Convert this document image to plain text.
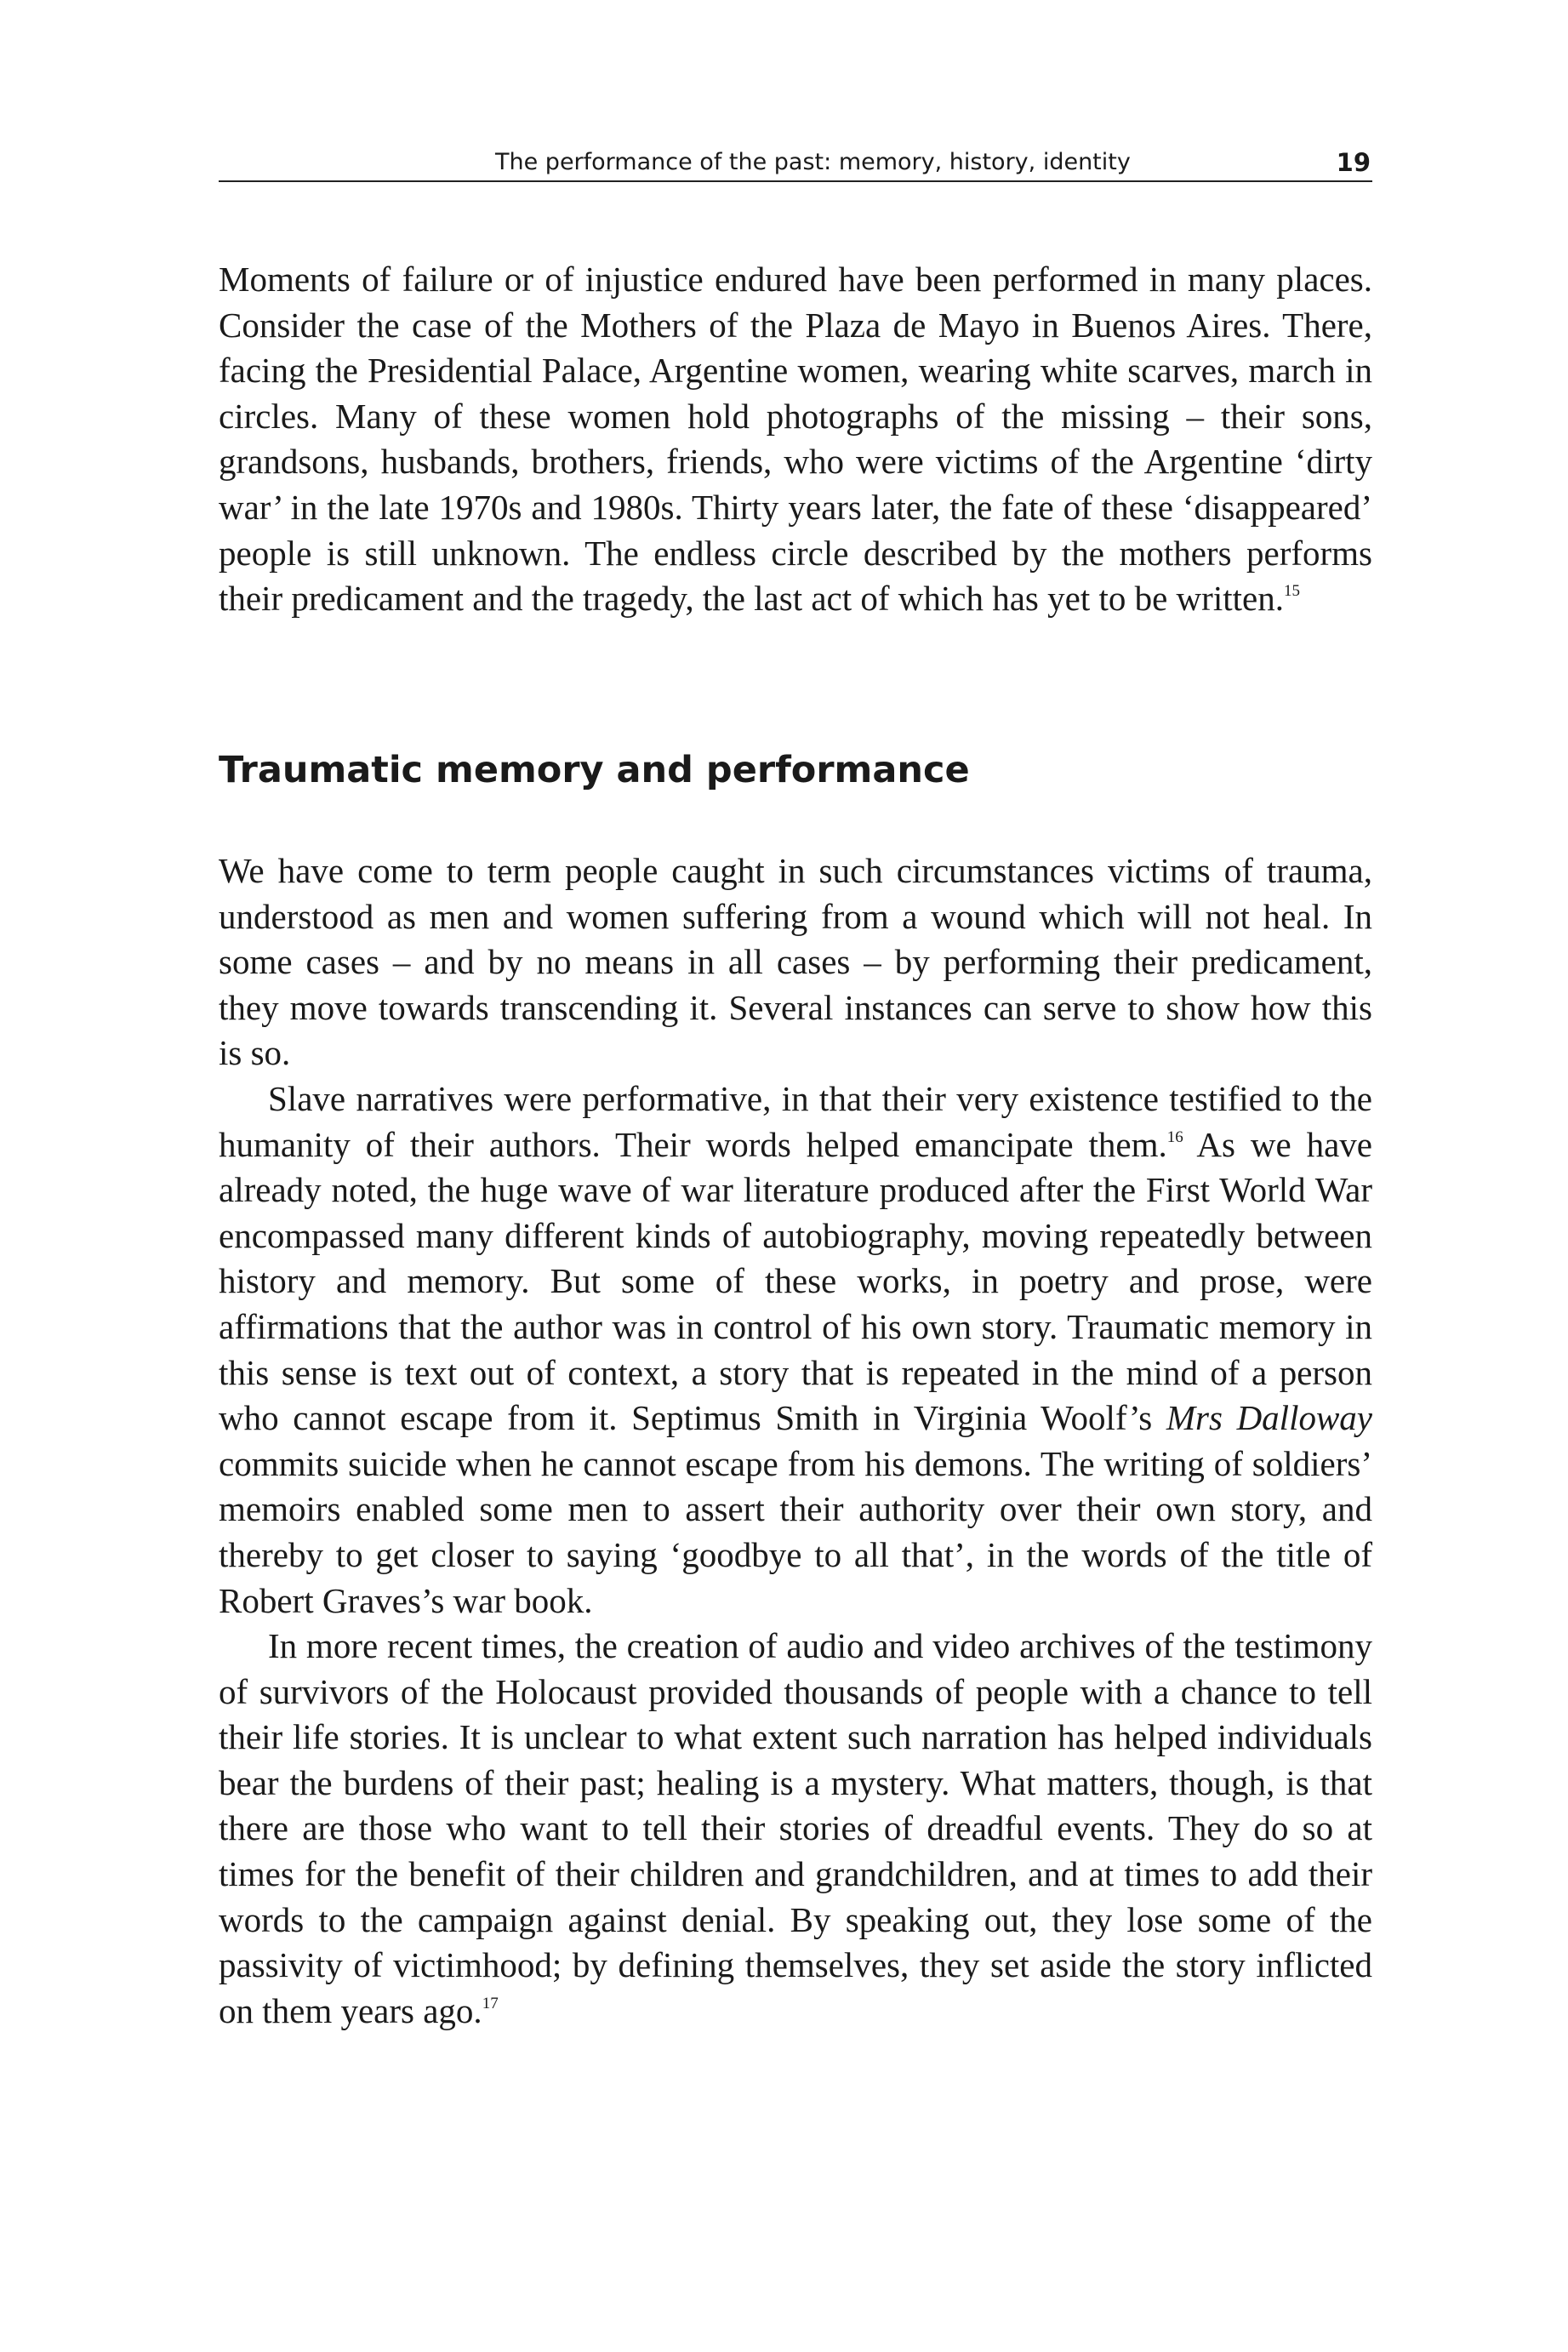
The performance of the past: memory, history, identity	19

Moments of failure or of injustice endured have been performed in many places. Consider the case of the Mothers of the Plaza de Mayo in Buenos Aires. There, facing the Presidential Palace, Argentine women, wearing white scarves, march in circles. Many of these women hold photographs of the missing – their sons, grandsons, husbands, brothers, friends, who were victims of the Argentine ‘dirty war’ in the late 1970s and 1980s. Thirty years later, the fate of these ‘disappeared’ people is still unknown. The endless circle described by the mothers performs their predicament and the tragedy, the last act of which has yet to be written.$^{15}$

Traumatic memory and performance

We have come to term people caught in such circumstances victims of trauma, understood as men and women suffering from a wound which will not heal. In some cases – and by no means in all cases – by performing their predicament, they move towards transcending it. Several instances can serve to show how this is so.

Slave narratives were performative, in that their very existence testified to the humanity of their authors. Their words helped emancipate them.$^{16}$ As we have already noted, the huge wave of war literature produced after the First World War encompassed many different kinds of autobiography, moving repeatedly between history and memory. But some of these works, in poetry and prose, were affirmations that the author was in control of his own story. Traumatic memory in this sense is text out of context, a story that is repeated in the mind of a person who cannot escape from it. Septimus Smith in Virginia Woolf’s Mrs Dalloway commits suicide when he cannot escape from his demons. The writing of soldiers’ memoirs enabled some men to assert their authority over their own story, and thereby to get closer to saying ‘goodbye to all that’, in the words of the title of Robert Graves’s war book.

In more recent times, the creation of audio and video archives of the testimony of survivors of the Holocaust provided thousands of people with a chance to tell their life stories. It is unclear to what extent such narration has helped individuals bear the burdens of their past; healing is a mystery. What matters, though, is that there are those who want to tell their stories of dreadful events. They do so at times for the benefit of their children and grandchildren, and at times to add their words to the campaign against denial. By speaking out, they lose some of the passivity of victimhood; by defining themselves, they set aside the story inflicted on them years ago.$^{17}$
